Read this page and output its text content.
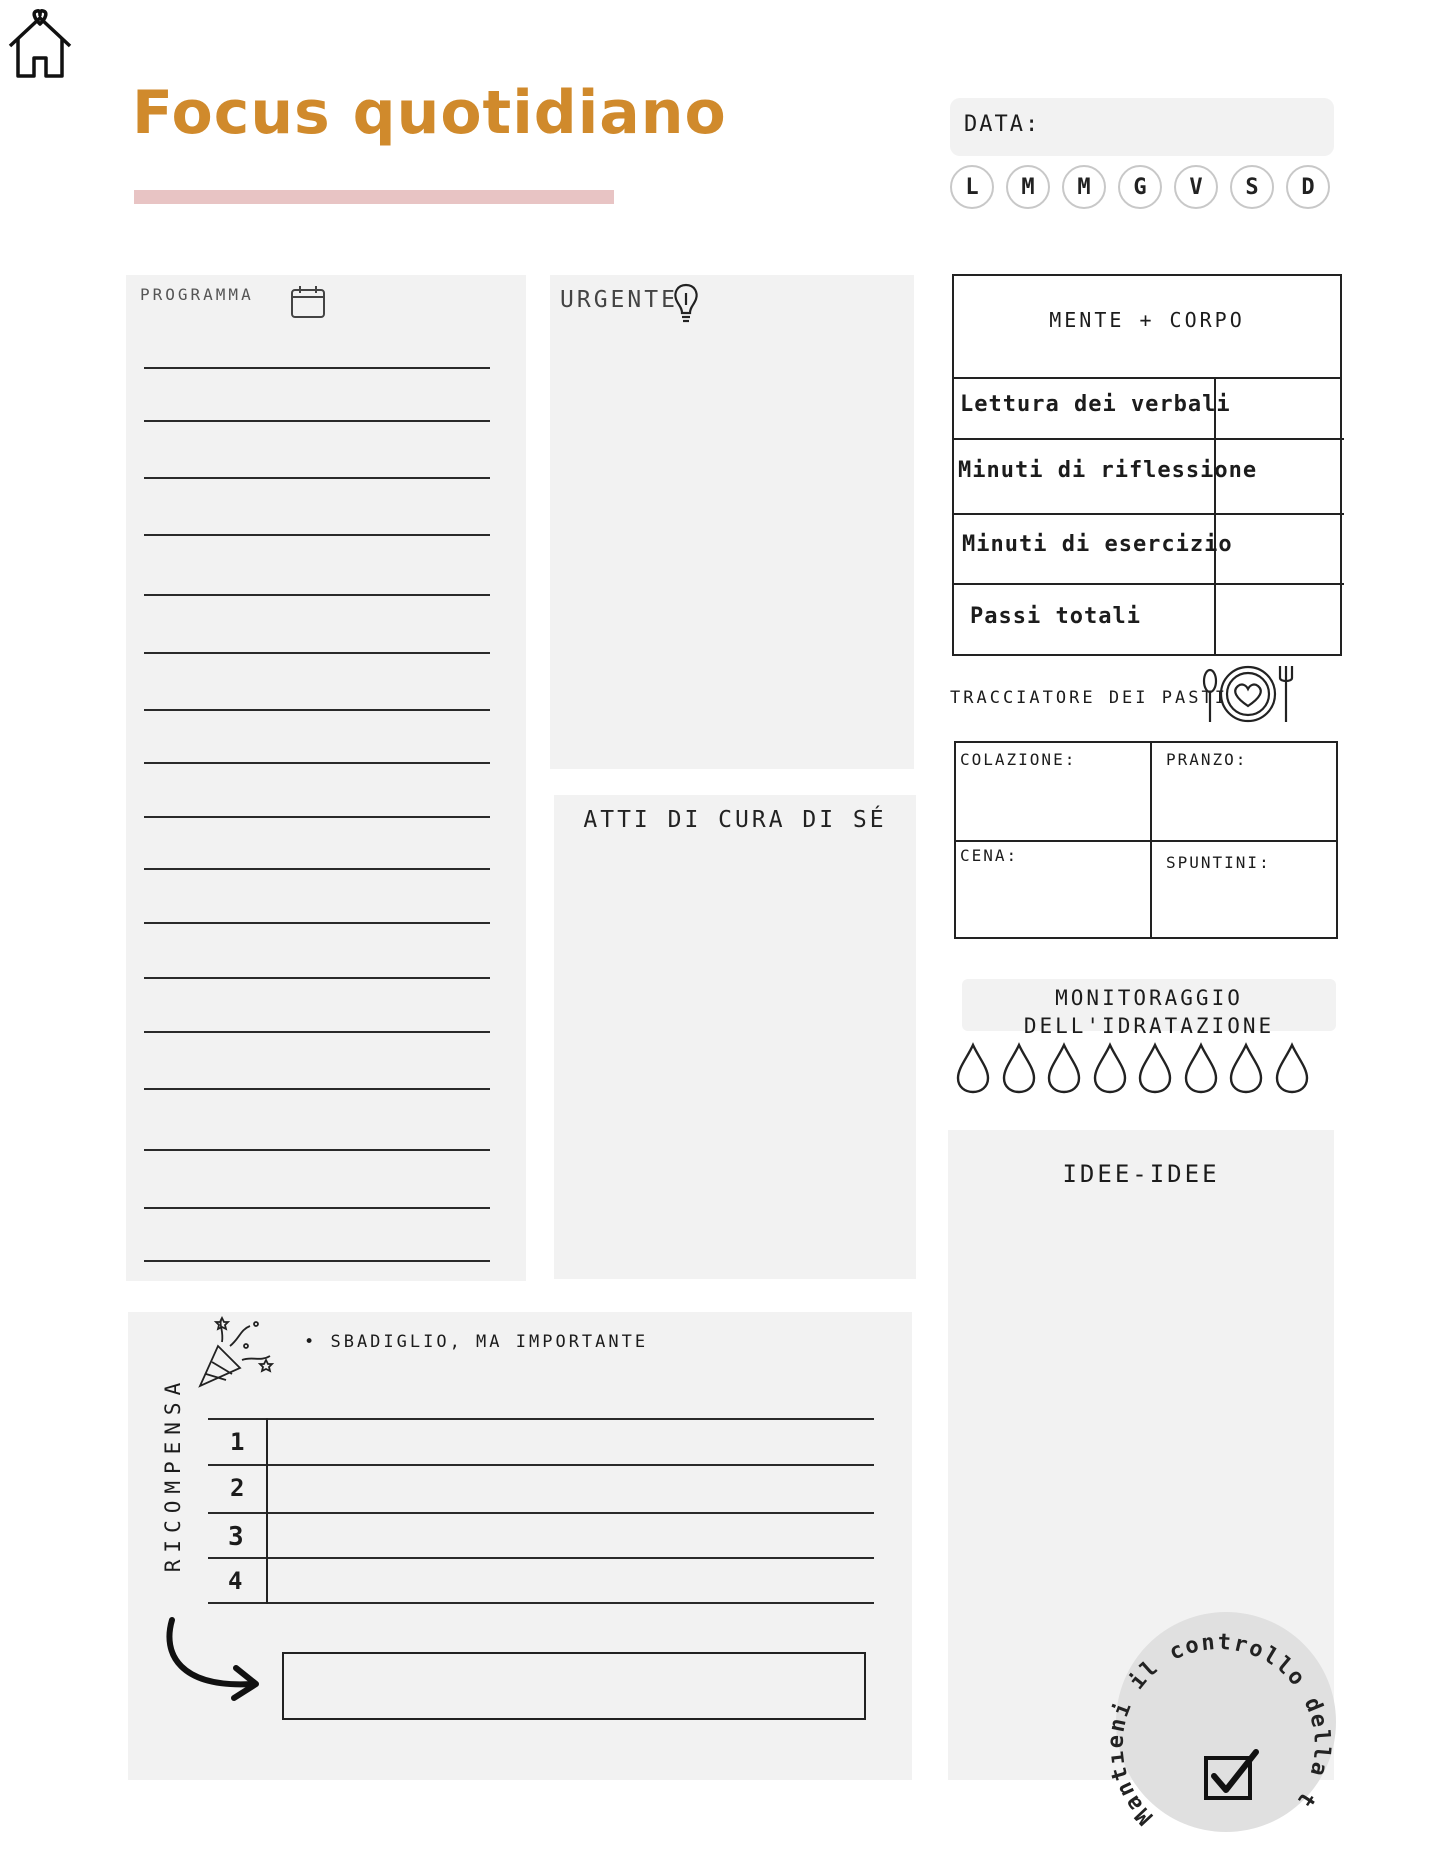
Focus quotidiano	DATA:
L	M	M	G	V	S	D
PROGRAMMA	URGENTE
ATTI DI CURA DI SÉ
MENTE + CORPO
Lettura dei verbali
Minuti di riflessione
Minuti di esercizio
Passi totali
TRACCIATORE DEI PASTI
COLAZIONE:	PRANZO:
CENA:	SPUNTINI:
MONITORAGGIO
DELL'IDRATAZIONE
IDEE-IDEE
• SBADIGLIO, MA IMPORTANTE
RICOMPENSA 1
2
3
4
Man i il controllo della t
